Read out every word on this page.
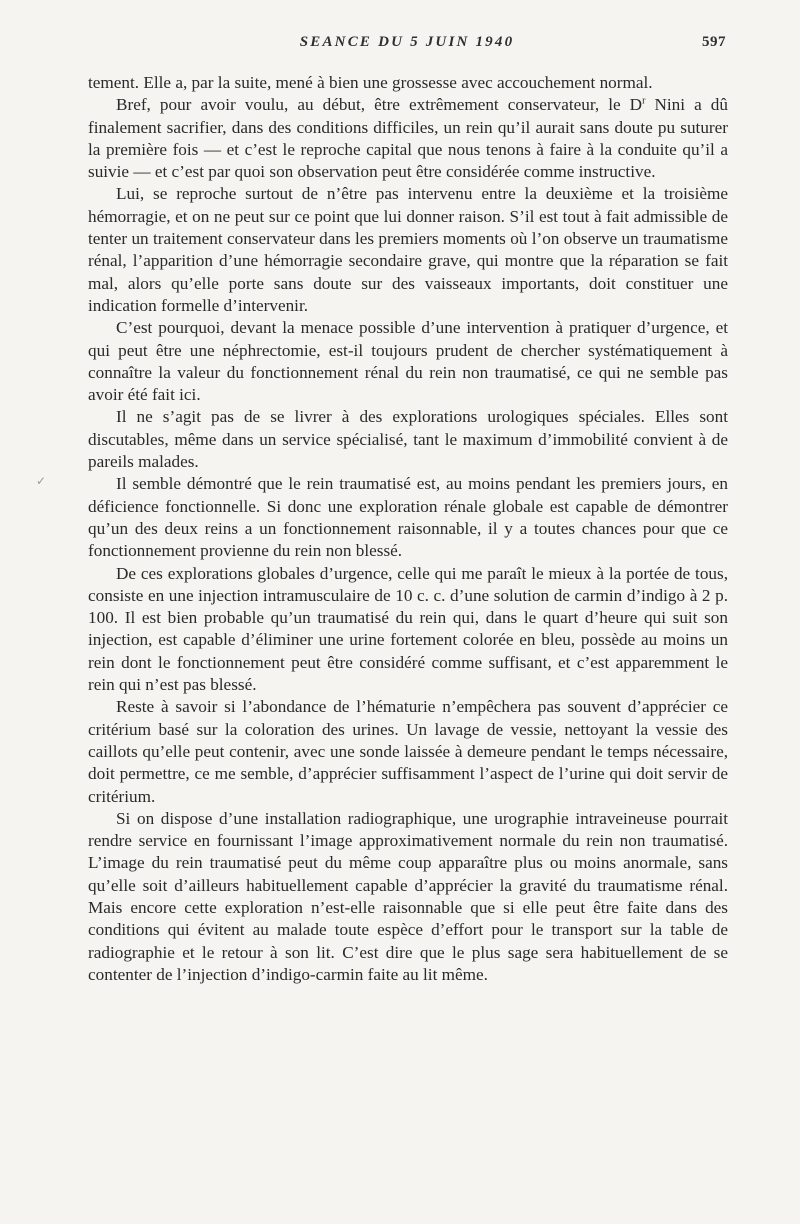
SEANCE DU 5 JUIN 1940	597

tement. Elle a, par la suite, mené à bien une grossesse avec accouchement normal.

Bref, pour avoir voulu, au début, être extrêmement conservateur, le $D^r$ Nini a dû finalement sacrifier, dans des conditions difficiles, un rein qu’il aurait sans doute pu suturer la première fois — et c’est le reproche capital que nous tenons à faire à la conduite qu’il a suivie — et c’est par quoi son observation peut être considérée comme instructive.

Lui, se reproche surtout de n’être pas intervenu entre la deuxième et la troisième hémorragie, et on ne peut sur ce point que lui donner raison. S’il est tout à fait admissible de tenter un traitement conservateur dans les premiers moments où l’on observe un traumatisme rénal, l’apparition d’une hémorragie secondaire grave, qui montre que la réparation se fait mal, alors qu’elle porte sans doute sur des vaisseaux importants, doit constituer une indication formelle d’intervenir.

C’est pourquoi, devant la menace possible d’une intervention à pratiquer d’urgence, et qui peut être une néphrectomie, est-il toujours prudent de chercher systématiquement à connaître la valeur du fonctionnement rénal du rein non traumatisé, ce qui ne semble pas avoir été fait ici.

Il ne s’agit pas de se livrer à des explorations urologiques spéciales. Elles sont discutables, même dans un service spécialisé, tant le maximum d’immobilité convient à de pareils malades.

Il semble démontré que le rein traumatisé est, au moins pendant les premiers jours, en déficience fonctionnelle. Si donc une exploration rénale globale est capable de démontrer qu’un des deux reins a un fonctionnement raisonnable, il y a toutes chances pour que ce fonctionnement provienne du rein non blessé.

De ces explorations globales d’urgence, celle qui me paraît le mieux à la portée de tous, consiste en une injection intramusculaire de 10 c. c. d’une solution de carmin d’indigo à 2 p. 100. Il est bien probable qu’un traumatisé du rein qui, dans le quart d’heure qui suit son injection, est capable d’éliminer une urine fortement colorée en bleu, possède au moins un rein dont le fonctionnement peut être considéré comme suffisant, et c’est apparemment le rein qui n’est pas blessé.

Reste à savoir si l’abondance de l’hématurie n’empêchera pas souvent d’apprécier ce critérium basé sur la coloration des urines. Un lavage de vessie, nettoyant la vessie des caillots qu’elle peut contenir, avec une sonde laissée à demeure pendant le temps nécessaire, doit permettre, ce me semble, d’apprécier suffisamment l’aspect de l’urine qui doit servir de critérium.

Si on dispose d’une installation radiographique, une urographie intraveineuse pourrait rendre service en fournissant l’image approximativement normale du rein non traumatisé. L’image du rein traumatisé peut du même coup apparaître plus ou moins anormale, sans qu’elle soit d’ailleurs habituellement capable d’apprécier la gravité du traumatisme rénal. Mais encore cette exploration n’est-elle raisonnable que si elle peut être faite dans des conditions qui évitent au malade toute espèce d’effort pour le transport sur la table de radiographie et le retour à son lit. C’est dire que le plus sage sera habituellement de se contenter de l’injection d’indigo-carmin faite au lit même.

✓
